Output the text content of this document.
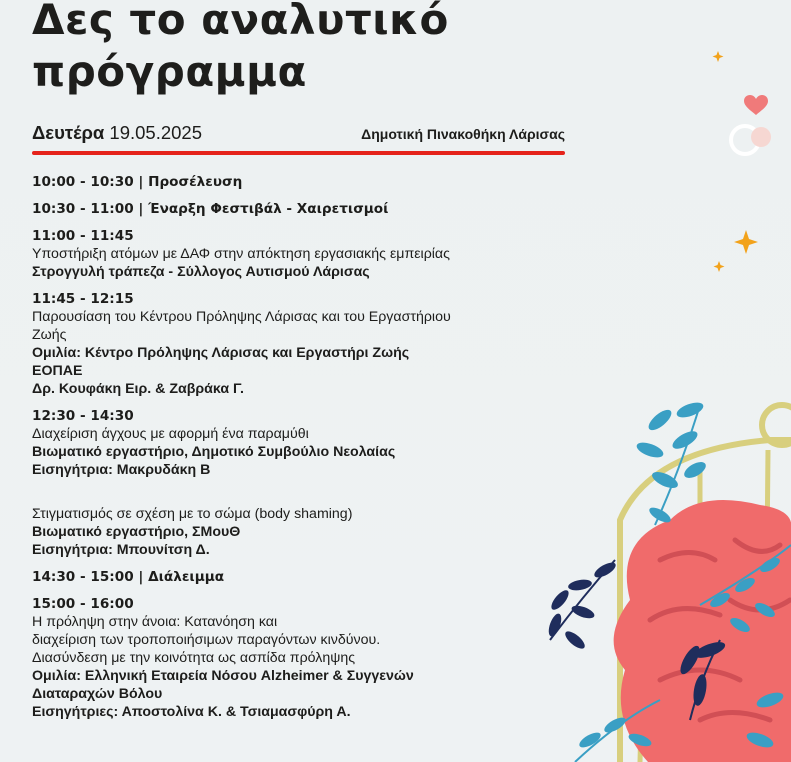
Δες το αναλυτικό
πρόγραμμα
Δευτέρα 19.05.2025	Δημοτική Πινακοθήκη Λάρισας
10:00 - 10:30 | Προσέλευση
10:30 - 11:00 | Έναρξη Φεστιβάλ - Χαιρετισμοί
11:00 - 11:45
Υποστήριξη ατόμων με ΔΑΦ στην απόκτηση εργασιακής εμπειρίας
Στρογγυλή τράπεζα - Σύλλογος Αυτισμού Λάρισας
11:45 - 12:15
Παρουσίαση του Κέντρου Πρόληψης Λάρισας και του Εργαστήριου
Ζωής
Ομιλία: Κέντρο Πρόληψης Λάρισας και Εργαστήρι Ζωής
ΕΟΠΑΕ
Δρ. Κουφάκη Ειρ. & Ζαβράκα Γ.
12:30 - 14:30
Διαχείριση άγχους με αφορμή ένα παραμύθι
Βιωματικό εργαστήριο, Δημοτικό Συμβούλιο Νεολαίας
Εισηγήτρια: Μακρυδάκη Β
Στιγματισμός σε σχέση με το σώμα (body shaming)
Βιωματικό εργαστήριο, ΣΜουΘ
Εισηγήτρια: Μπουνίτση Δ.
14:30 - 15:00 | Διάλειμμα
15:00 - 16:00
Η πρόληψη στην άνοια: Κατανόηση και
διαχείριση των τροποποιήσιμων παραγόντων κινδύνου.
Διασύνδεση με την κοινότητα ως ασπίδα πρόληψης
Ομιλία: Ελληνική Εταιρεία Νόσου Alzheimer & Συγγενών
Διαταραχών Βόλου
Εισηγήτριες: Αποστολίνα Κ. & Τσιαμασφύρη Α.
